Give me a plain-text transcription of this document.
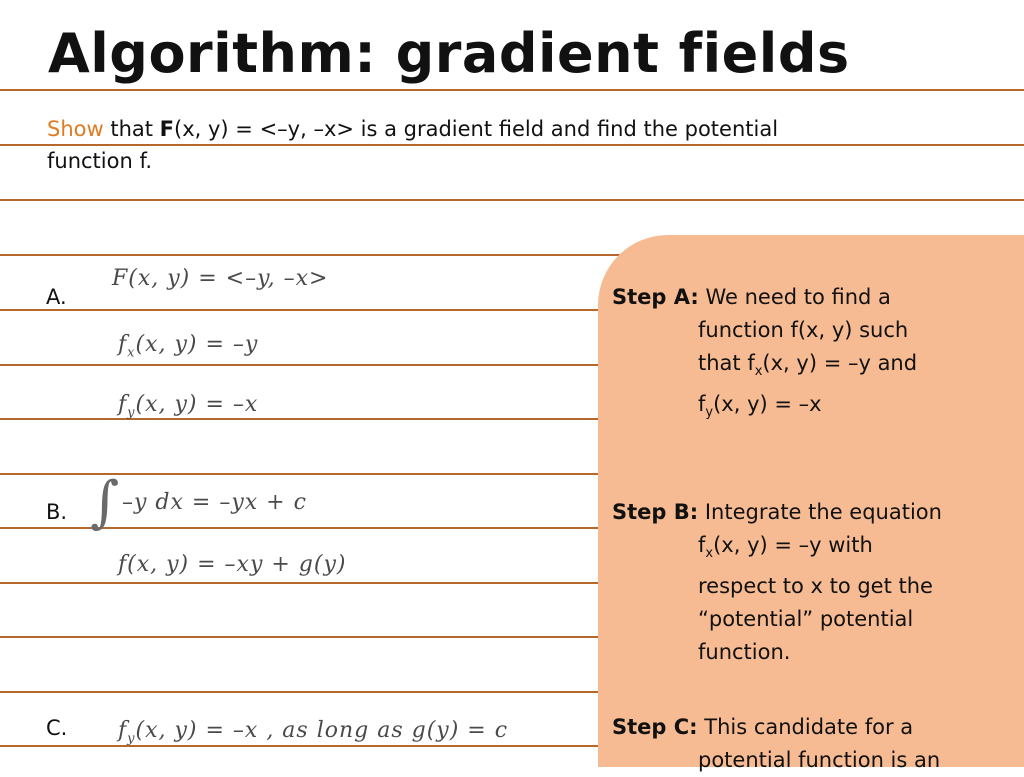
Algorithm: gradient fields
Show that F(x, y) = <–y, –x> is a gradient field and find the potential function f.
A.
B.
C.
F(x, y) = <–y, –x>
$f_x(x$, y) = –y
$f_y(x$, y) = –x
∫ –y dx = –yx + c
f(x, y) = –xy + g(y)
$f_y(x$, y) = –x , as long as g(y) = c
Step A: We need to find a
function f(x, y) such
that $f_x(x$, y) = –y and
$f_y(x$, y) = –x
Step B: Integrate the equation
$f_x(x$, y) = –y with
respect to x to get the
“potential” potential
function.
Step C: This candidate for a
potential function is an
